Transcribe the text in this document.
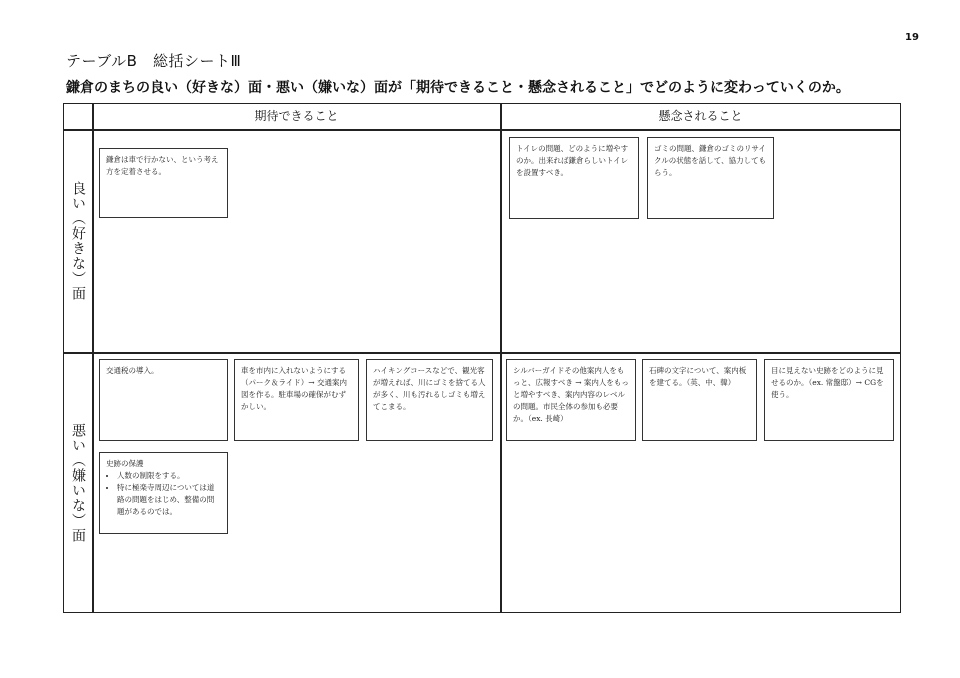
19
テーブルB　総括シートⅢ
鎌倉のまちの良い（好きな）面・悪い（嫌いな）面が「期待できること・懸念されること」でどのように変わっていくのか。
期待できること	懸念されること
良い（好きな）面
悪い（嫌いな）面
鎌倉は車で行かない、という考え方を定着させる。
トイレの問題、どのように増やすのか。出来れば鎌倉らしいトイレを設置すべき。
ゴミの問題、鎌倉のゴミのリサイクルの状態を話して、協力してもらう。
交通税の導入。	車を市内に入れないようにする（パーク＆ライド）→ 交通案内図を作る。駐車場の確保がむずかしい。
ハイキングコースなどで、観光客が増えれば、川にゴミを捨てる人が多く、川も汚れるしゴミも増えてこまる。
史跡の保護
• 人数の制限をする。
• 特に極楽寺周辺については道路の問題をはじめ、整備の問題があるのでは。
シルバーガイドその他案内人をもっと、広報すべき → 案内人をもっと増やすべき、案内内容のレベルの問題。市民全体の参加も必要か。（ex. 長崎）
石碑の文字について、案内板を建てる。（英、中、韓）
目に見えない史跡をどのように見せるのか。（ex. 常盤邸）→ CGを使う。
